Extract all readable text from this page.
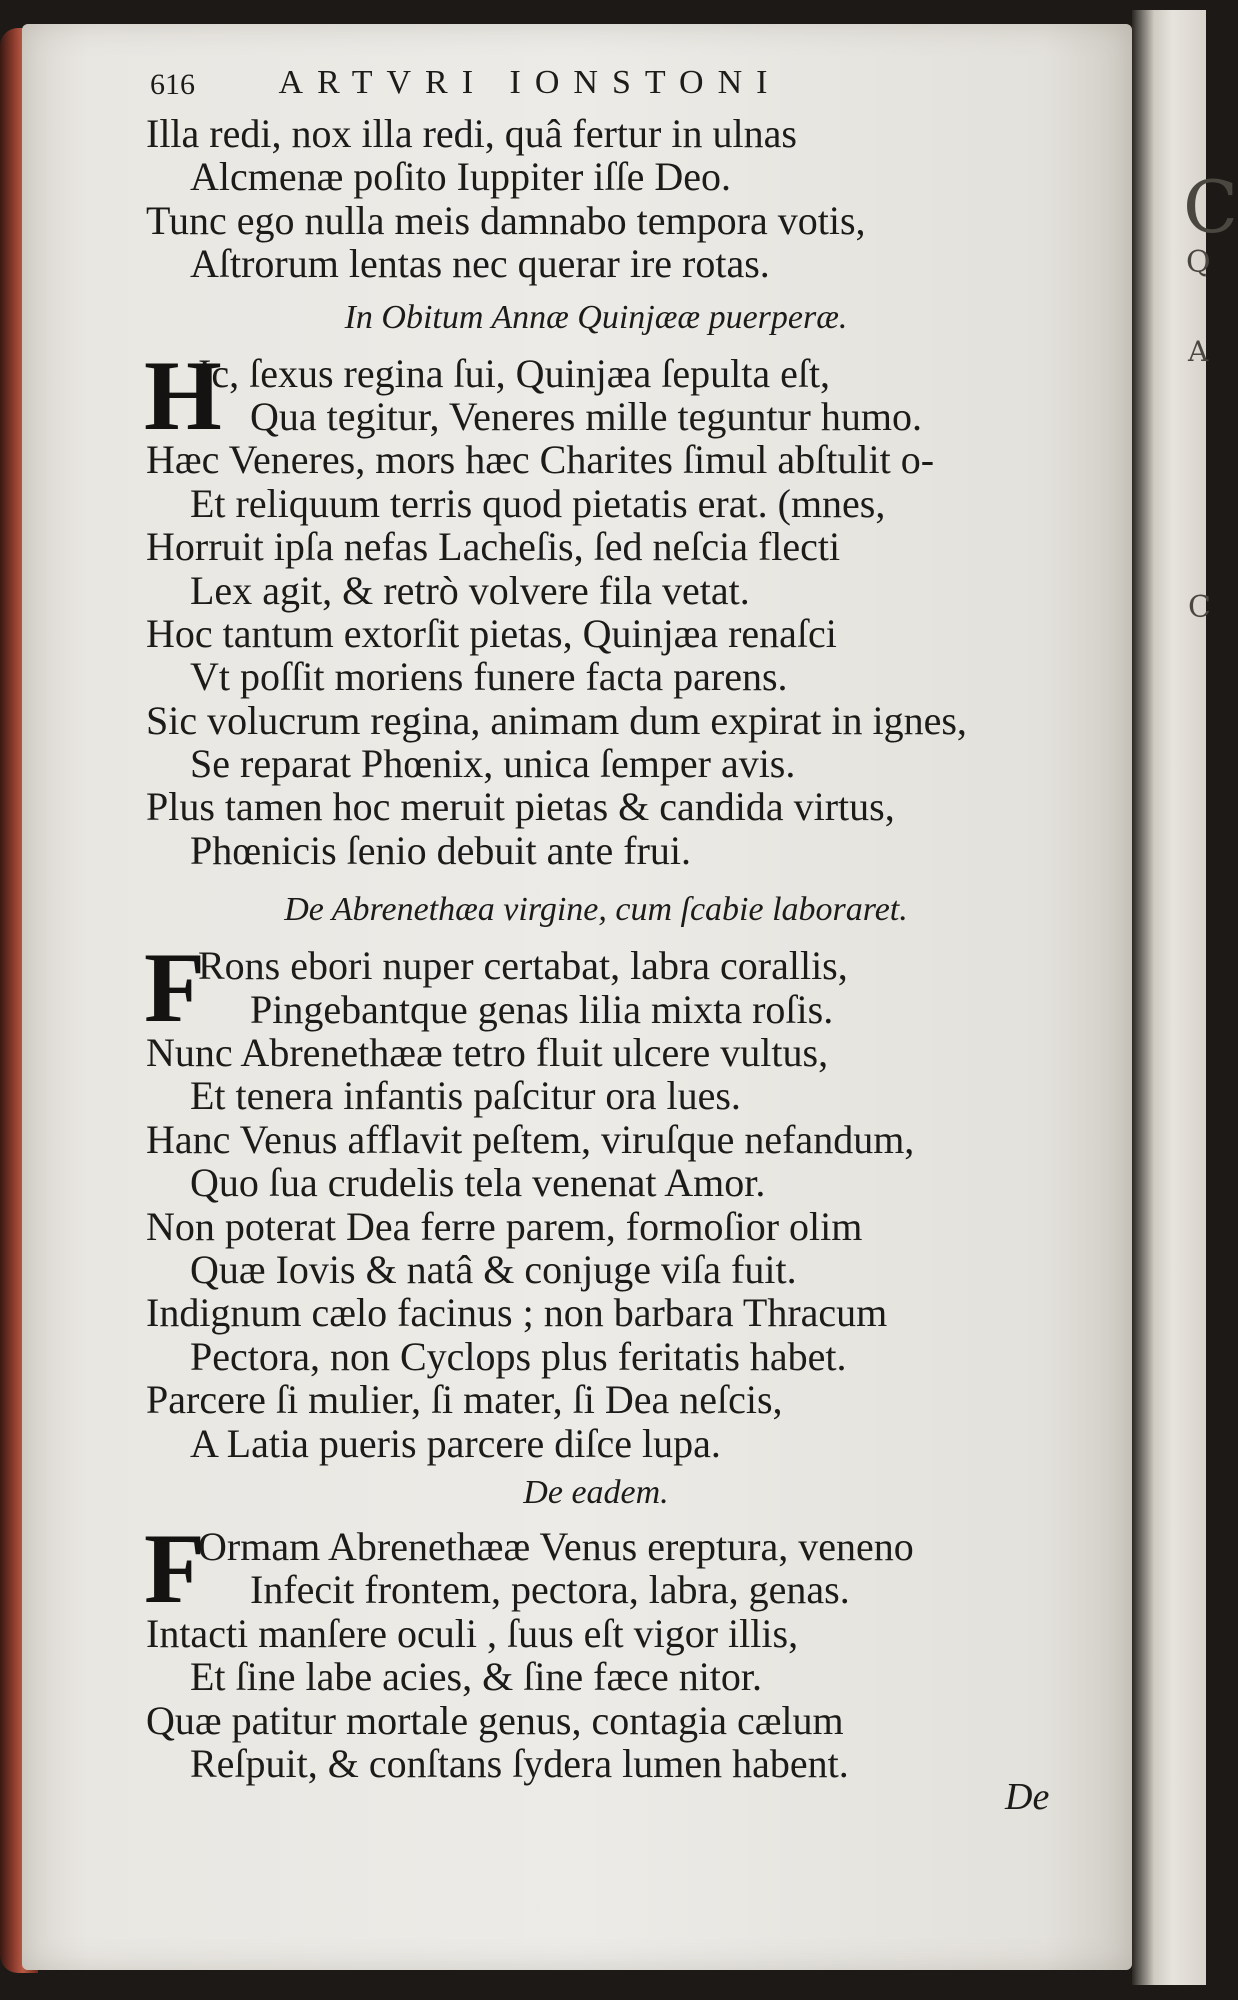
C
Q
A
C
616	ARTVRI IONSTONI
Illa redi, nox illa redi, quâ fertur in ulnas
Alcmenæ poſito Iuppiter iſſe Deo.
Tunc ego nulla meis damnabo tempora votis,
Aſtrorum lentas nec querar ire rotas.
In Obitum Annæ Quinjææ puerperæ.
H
Ic, ſexus regina ſui, Quinjæa ſepulta eſt,
Qua tegitur, Veneres mille teguntur humo.
Hæc Veneres, mors hæc Charites ſimul abſtulit o-
Et reliquum terris quod pietatis erat. (mnes,
Horruit ipſa nefas Lacheſis, ſed neſcia flecti
Lex agit, & retrò volvere fila vetat.
Hoc tantum extorſit pietas, Quinjæa renaſci
Vt poſſit moriens funere facta parens.
Sic volucrum regina, animam dum expirat in ignes,
Se reparat Phœnix, unica ſemper avis.
Plus tamen hoc meruit pietas & candida virtus,
Phœnicis ſenio debuit ante frui.
De Abrenethæa virgine, cum ſcabie laboraret.
F
Rons ebori nuper certabat, labra corallis,
Pingebantque genas lilia mixta roſis.
Nunc Abrenethææ tetro fluit ulcere vultus,
Et tenera infantis paſcitur ora lues.
Hanc Venus afflavit peſtem, viruſque nefandum,
Quo ſua crudelis tela venenat Amor.
Non poterat Dea ferre parem, formoſior olim
Quæ Iovis & natâ & conjuge viſa fuit.
Indignum cælo facinus ; non barbara Thracum
Pectora, non Cyclops plus feritatis habet.
Parcere ſi mulier, ſi mater, ſi Dea neſcis,
A Latia pueris parcere diſce lupa.
De eadem.
F
Ormam Abrenethææ Venus ereptura, veneno
Infecit frontem, pectora, labra, genas.
Intacti manſere oculi , ſuus eſt vigor illis,
Et ſine labe acies, & ſine fæce nitor.
Quæ patitur mortale genus, contagia cælum
Reſpuit, & conſtans ſydera lumen habent.
De
